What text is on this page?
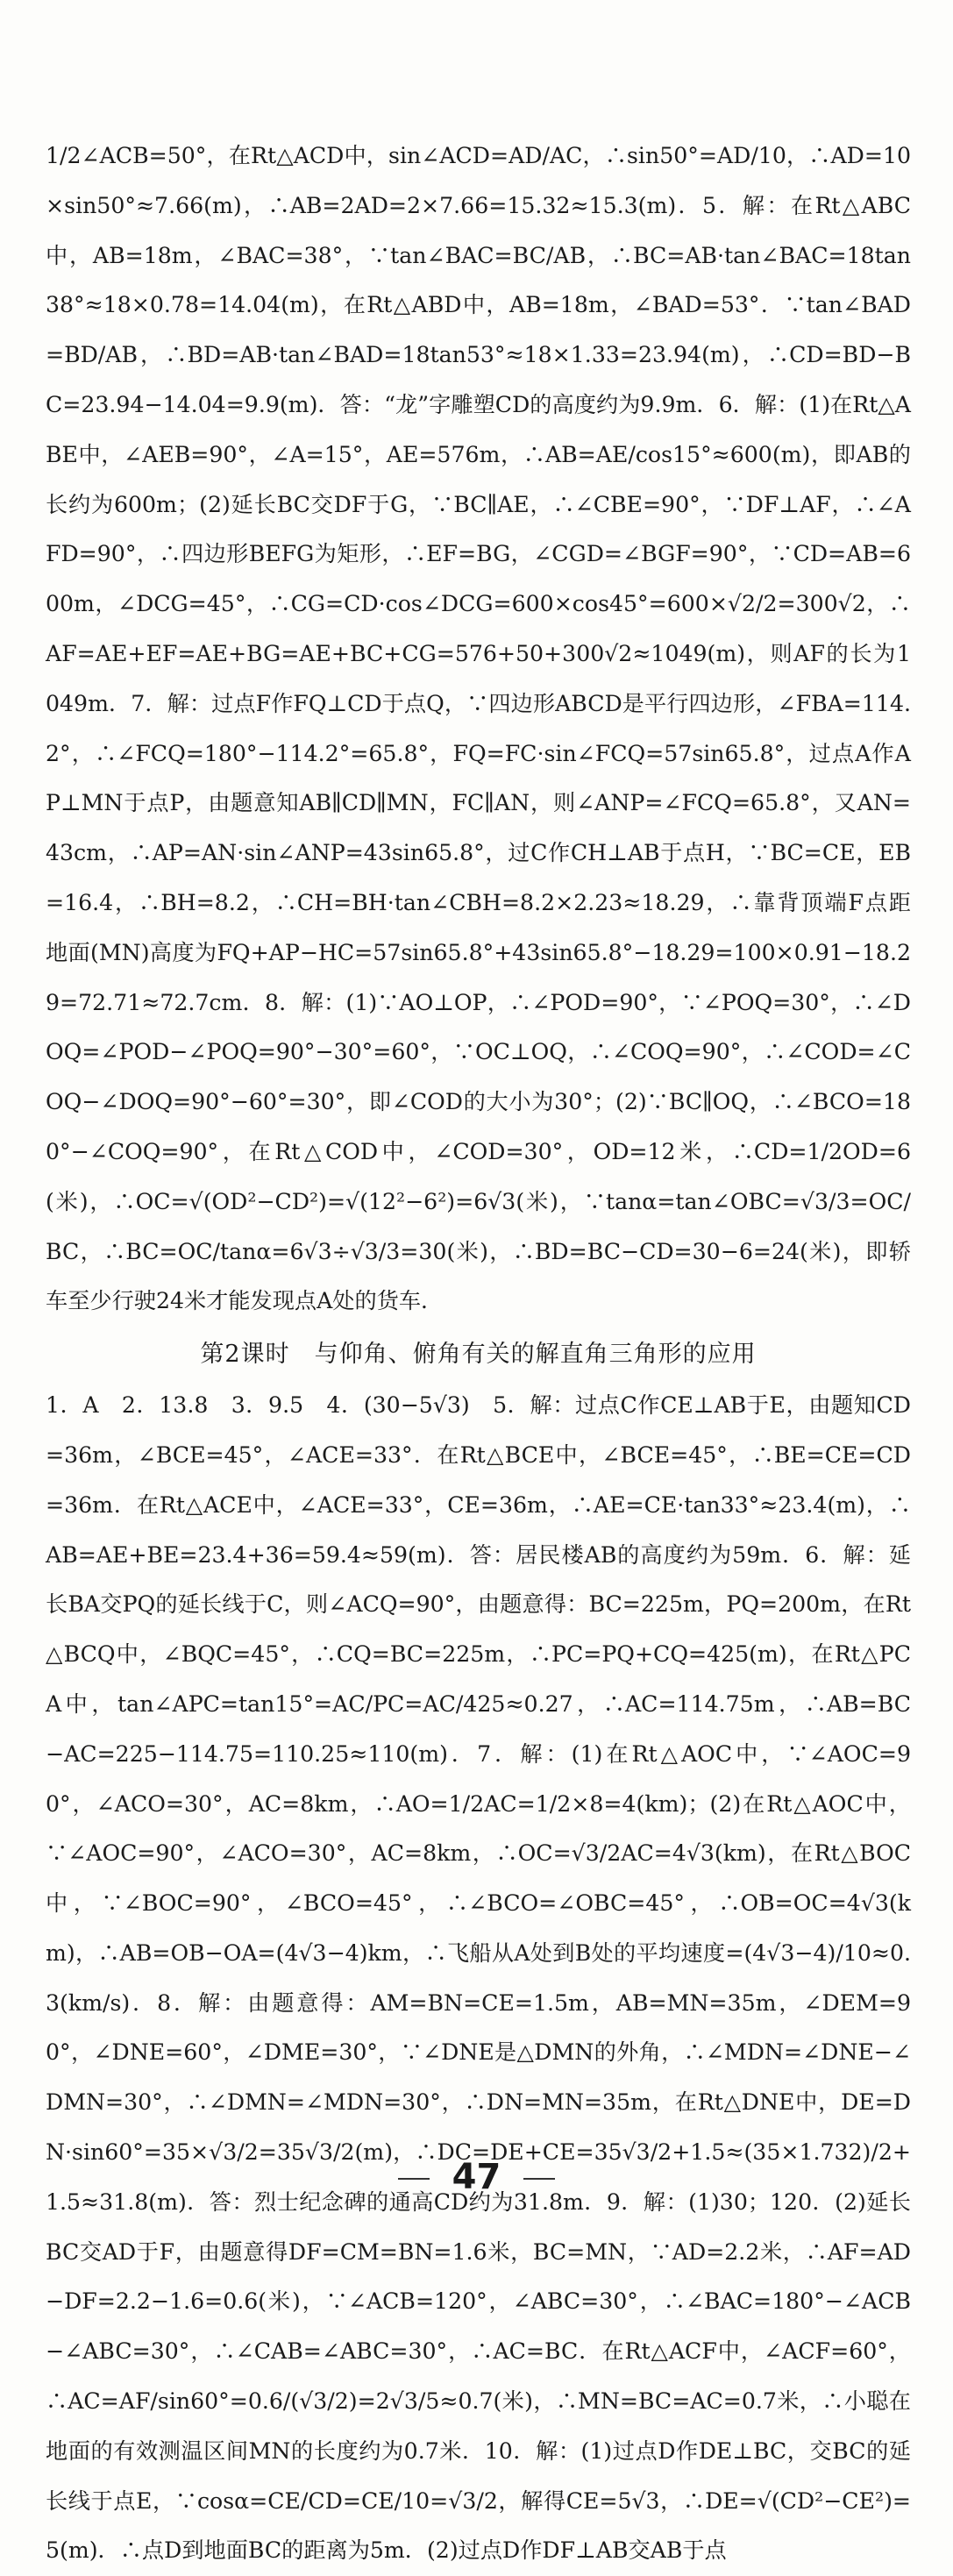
1/2∠ACB=50°，在Rt△ACD中，sin∠ACD=AD/AC，∴sin50°=AD/10，∴AD=10×sin50°≈7.66(m)，∴AB=2AD=2×7.66=15.32≈15.3(m)．5．解：在Rt△ABC中，AB=18m，∠BAC=38°，∵tan∠BAC=BC/AB，∴BC=AB·tan∠BAC=18tan38°≈18×0.78=14.04(m)，在Rt△ABD中，AB=18m，∠BAD=53°．∵tan∠BAD=BD/AB，∴BD=AB·tan∠BAD=18tan53°≈18×1.33=23.94(m)，∴CD=BD−BC=23.94−14.04=9.9(m)．答：“龙”字雕塑CD的高度约为9.9m．6．解：(1)在Rt△ABE中，∠AEB=90°，∠A=15°，AE=576m，∴AB=AE/cos15°≈600(m)，即AB的长约为600m；(2)延长BC交DF于G，∵BC∥AE，∴∠CBE=90°，∵DF⊥AF，∴∠AFD=90°，∴四边形BEFG为矩形，∴EF=BG，∠CGD=∠BGF=90°，∵CD=AB=600m，∠DCG=45°，∴CG=CD·cos∠DCG=600×cos45°=600×√2/2=300√2，∴AF=AE+EF=AE+BG=AE+BC+CG=576+50+300√2≈1049(m)，则AF的长为1049m．7．解：过点F作FQ⊥CD于点Q，∵四边形ABCD是平行四边形，∠FBA=114.2°，∴∠FCQ=180°−114.2°=65.8°，FQ=FC·sin∠FCQ=57sin65.8°，过点A作AP⊥MN于点P，由题意知AB∥CD∥MN，FC∥AN，则∠ANP=∠FCQ=65.8°，又AN=43cm，∴AP=AN·sin∠ANP=43sin65.8°，过C作CH⊥AB于点H，∵BC=CE，EB=16.4，∴BH=8.2，∴CH=BH·tan∠CBH=8.2×2.23≈18.29，∴靠背顶端F点距地面(MN)高度为FQ+AP−HC=57sin65.8°+43sin65.8°−18.29=100×0.91−18.29=72.71≈72.7cm．8．解：(1)∵AO⊥OP，∴∠POD=90°，∵∠POQ=30°，∴∠DOQ=∠POD−∠POQ=90°−30°=60°，∵OC⊥OQ，∴∠COQ=90°，∴∠COD=∠COQ−∠DOQ=90°−60°=30°，即∠COD的大小为30°；(2)∵BC∥OQ，∴∠BCO=180°−∠COQ=90°，在Rt△COD中，∠COD=30°，OD=12米，∴CD=1/2OD=6(米)，∴OC=√(OD²−CD²)=√(12²−6²)=6√3(米)，∵tanα=tan∠OBC=√3/3=OC/BC，∴BC=OC/tanα=6√3÷√3/3=30(米)，∴BD=BC−CD=30−6=24(米)，即轿车至少行驶24米才能发现点A处的货车．

第2课时　与仰角、俯角有关的解直角三角形的应用

1．A　2．13.8　3．9.5　4．(30−5√3)　5．解：过点C作CE⊥AB于E，由题知CD=36m，∠BCE=45°，∠ACE=33°．在Rt△BCE中，∠BCE=45°，∴BE=CE=CD=36m．在Rt△ACE中，∠ACE=33°，CE=36m，∴AE=CE·tan33°≈23.4(m)，∴AB=AE+BE=23.4+36=59.4≈59(m)．答：居民楼AB的高度约为59m．6．解：延长BA交PQ的延长线于C，则∠ACQ=90°，由题意得：BC=225m，PQ=200m，在Rt△BCQ中，∠BQC=45°，∴CQ=BC=225m，∴PC=PQ+CQ=425(m)，在Rt△PCA中，tan∠APC=tan15°=AC/PC=AC/425≈0.27，∴AC=114.75m，∴AB=BC−AC=225−114.75=110.25≈110(m)．7．解：(1)在Rt△AOC中，∵∠AOC=90°，∠ACO=30°，AC=8km，∴AO=1/2AC=1/2×8=4(km)；(2)在Rt△AOC中，∵∠AOC=90°，∠ACO=30°，AC=8km，∴OC=√3/2AC=4√3(km)，在Rt△BOC中，∵∠BOC=90°，∠BCO=45°，∴∠BCO=∠OBC=45°，∴OB=OC=4√3(km)，∴AB=OB−OA=(4√3−4)km，∴飞船从A处到B处的平均速度=(4√3−4)/10≈0.3(km/s)．8．解：由题意得：AM=BN=CE=1.5m，AB=MN=35m，∠DEM=90°，∠DNE=60°，∠DME=30°，∵∠DNE是△DMN的外角，∴∠MDN=∠DNE−∠DMN=30°，∴∠DMN=∠MDN=30°，∴DN=MN=35m，在Rt△DNE中，DE=DN·sin60°=35×√3/2=35√3/2(m)，∴DC=DE+CE=35√3/2+1.5≈(35×1.732)/2+1.5≈31.8(m)．答：烈士纪念碑的通高CD约为31.8m．9．解：(1)30；120．(2)延长BC交AD于F，由题意得DF=CM=BN=1.6米，BC=MN，∵AD=2.2米，∴AF=AD−DF=2.2−1.6=0.6(米)，∵∠ACB=120°，∠ABC=30°，∴∠BAC=180°−∠ACB−∠ABC=30°，∴∠CAB=∠ABC=30°，∴AC=BC．在Rt△ACF中，∠ACF=60°，∴AC=AF/sin60°=0.6/(√3/2)=2√3/5≈0.7(米)，∴MN=BC=AC=0.7米，∴小聪在地面的有效测温区间MN的长度约为0.7米．10．解：(1)过点D作DE⊥BC，交BC的延长线于点E，∵cosα=CE/CD=CE/10=√3/2，解得CE=5√3，∴DE=√(CD²−CE²)=5(m)．∴点D到地面BC的距离为5m．(2)过点D作DF⊥AB交AB于点

47
